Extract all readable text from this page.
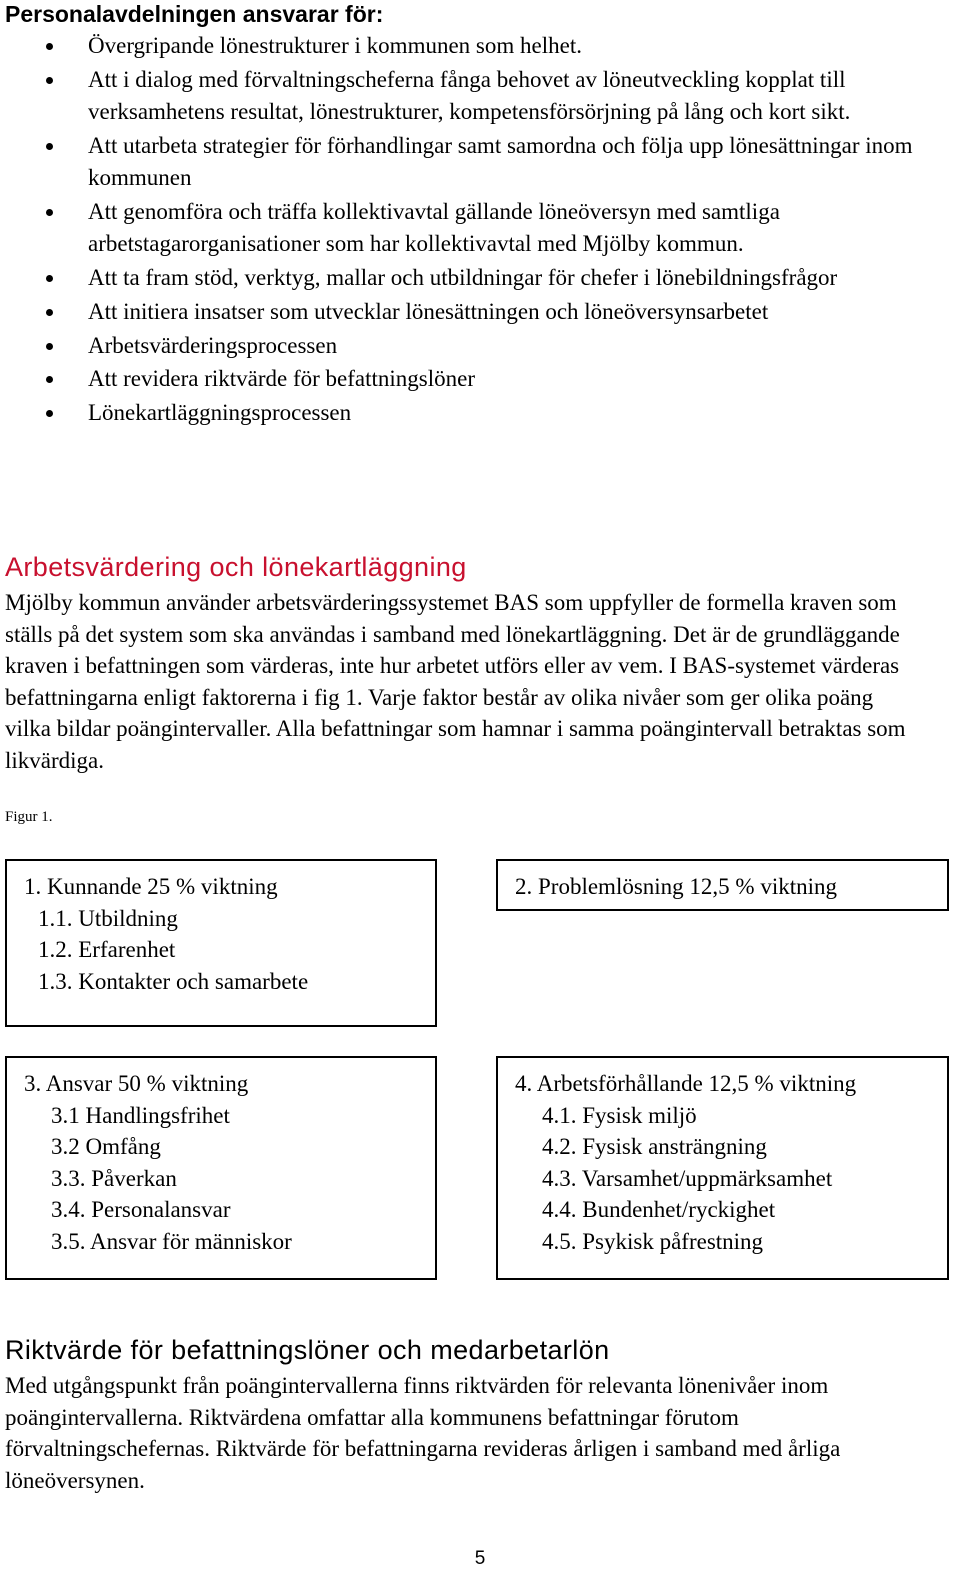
Personalavdelningen ansvarar för:
Övergripande lönestrukturer i kommunen som helhet.
Att i dialog med förvaltningscheferna fånga behovet av löneutveckling kopplat till verksamhetens resultat, lönestrukturer, kompetensförsörjning på lång och kort sikt.
Att utarbeta strategier för förhandlingar samt samordna och följa upp lönesättningar inom kommunen
Att genomföra och träffa kollektivavtal gällande löneöversyn med samtliga arbetstagarorganisationer som har kollektivavtal med Mjölby kommun.
Att ta fram stöd, verktyg, mallar och utbildningar för chefer i lönebildningsfrågor
Att initiera insatser som utvecklar lönesättningen och löneöversynsarbetet
Arbetsvärderingsprocessen
Att revidera riktvärde för befattningslöner
Lönekartläggningsprocessen
Arbetsvärdering och lönekartläggning

Mjölby kommun använder arbetsvärderingssystemet BAS som uppfyller de formella kraven som ställs på det system som ska användas i samband med lönekartläggning. Det är de grundläggande kraven i befattningen som värderas, inte hur arbetet utförs eller av vem. I BAS-systemet värderas befattningarna enligt faktorerna i fig 1. Varje faktor består av olika nivåer som ger olika poäng vilka bildar poängintervaller. Alla befattningar som hamnar i samma poängintervall betraktas som likvärdiga.

Figur 1.
1. Kunnande 25 % viktning
1.1. Utbildning
1.2. Erfarenhet
1.3. Kontakter och samarbete
2. Problemlösning 12,5 % viktning
3. Ansvar 50 % viktning
3.1 Handlingsfrihet
3.2 Omfång
3.3. Påverkan
3.4. Personalansvar
3.5. Ansvar för människor
4. Arbetsförhållande 12,5 % viktning
4.1. Fysisk miljö
4.2. Fysisk ansträngning
4.3. Varsamhet/uppmärksamhet
4.4. Bundenhet/ryckighet
4.5. Psykisk påfrestning
Riktvärde för befattningslöner och medarbetarlön

Med utgångspunkt från poängintervallerna finns riktvärden för relevanta lönenivåer inom poängintervallerna. Riktvärdena omfattar alla kommunens befattningar förutom förvaltningschefernas. Riktvärde för befattningarna revideras årligen i samband med årliga löneöversynen.

5
